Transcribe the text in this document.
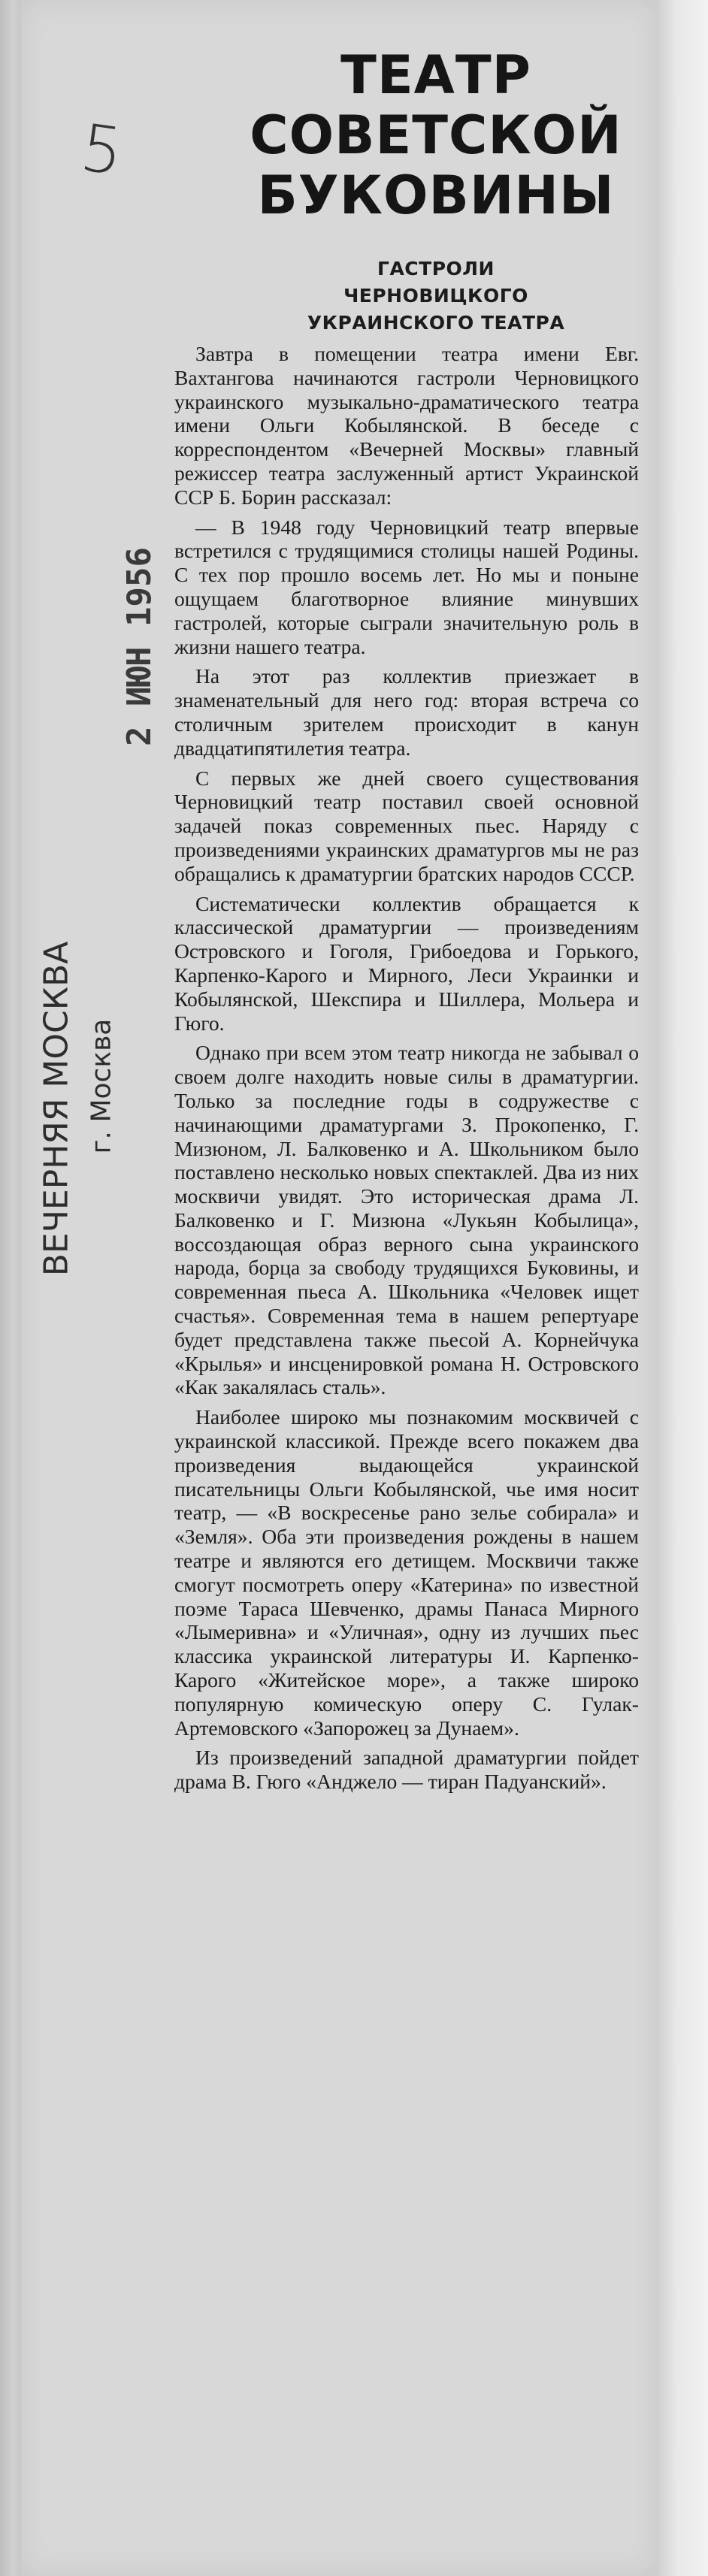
5
ТЕАТР
СОВЕТСКОЙ
БУКОВИНЫ
ГАСТРОЛИ
ЧЕРНОВИЦКОГО
УКРАИНСКОГО ТЕАТРА
ВЕЧЕРНЯЯ МОСКВА г. Москва
2 ИЮН 1956

Завтра в помещении театра имени Евг. Вахтангова начинаются гастроли Черновицкого украинского музыкально-драматического театра имени Ольги Кобылянской. В беседе с корреспондентом «Вечерней Москвы» главный режиссер театра заслуженный артист Украинской ССР Б. Борин рассказал:

— В 1948 году Черновицкий театр впервые встретился с трудящимися столицы нашей Родины. С тех пор прошло восемь лет. Но мы и поныне ощущаем благотворное влияние минувших гастролей, которые сыграли значительную роль в жизни нашего театра.

На этот раз коллектив приезжает в знаменательный для него год: вторая встреча со столичным зрителем происходит в канун двадцатипятилетия театра.

С первых же дней своего существования Черновицкий театр поставил своей основной задачей показ современных пьес. Наряду с произведениями украинских драматургов мы не раз обращались к драматургии братских народов СССР.

Систематически коллектив обращается к классической драматургии — произведениям Островского и Гоголя, Грибоедова и Горького, Карпенко-Карого и Мирного, Леси Украинки и Кобылянской, Шекспира и Шиллера, Мольера и Гюго.

Однако при всем этом театр никогда не забывал о своем долге находить новые силы в драматургии. Только за последние годы в содружестве с начинающими драматургами З. Прокопенко, Г. Мизюном, Л. Балковенко и А. Школьником было поставлено несколько новых спектаклей. Два из них москвичи увидят. Это историческая драма Л. Балковенко и Г. Мизюна «Лукьян Кобылица», воссоздающая образ верного сына украинского народа, борца за свободу трудящихся Буковины, и современная пьеса А. Школьника «Человек ищет счастья». Современная тема в нашем репертуаре будет представлена также пьесой А. Корнейчука «Крылья» и инсценировкой романа Н. Островского «Как закалялась сталь».

Наиболее широко мы познакомим москвичей с украинской классикой. Прежде всего покажем два произведения выдающейся украинской писательницы Ольги Кобылянской, чье имя носит театр, — «В воскресенье рано зелье собирала» и «Земля». Оба эти произведения рождены в нашем театре и являются его детищем. Москвичи также смогут посмотреть оперу «Катерина» по известной поэме Тараса Шевченко, драмы Панаса Мирного «Лымеривна» и «Уличная», одну из лучших пьес классика украинской литературы И. Карпенко-Карого «Житейское море», а также широко популярную комическую оперу С. Гулак-Артемовского «Запорожец за Дунаем».

Из произведений западной драматургии пойдет драма В. Гюго «Анджело — тиран Падуанский».
